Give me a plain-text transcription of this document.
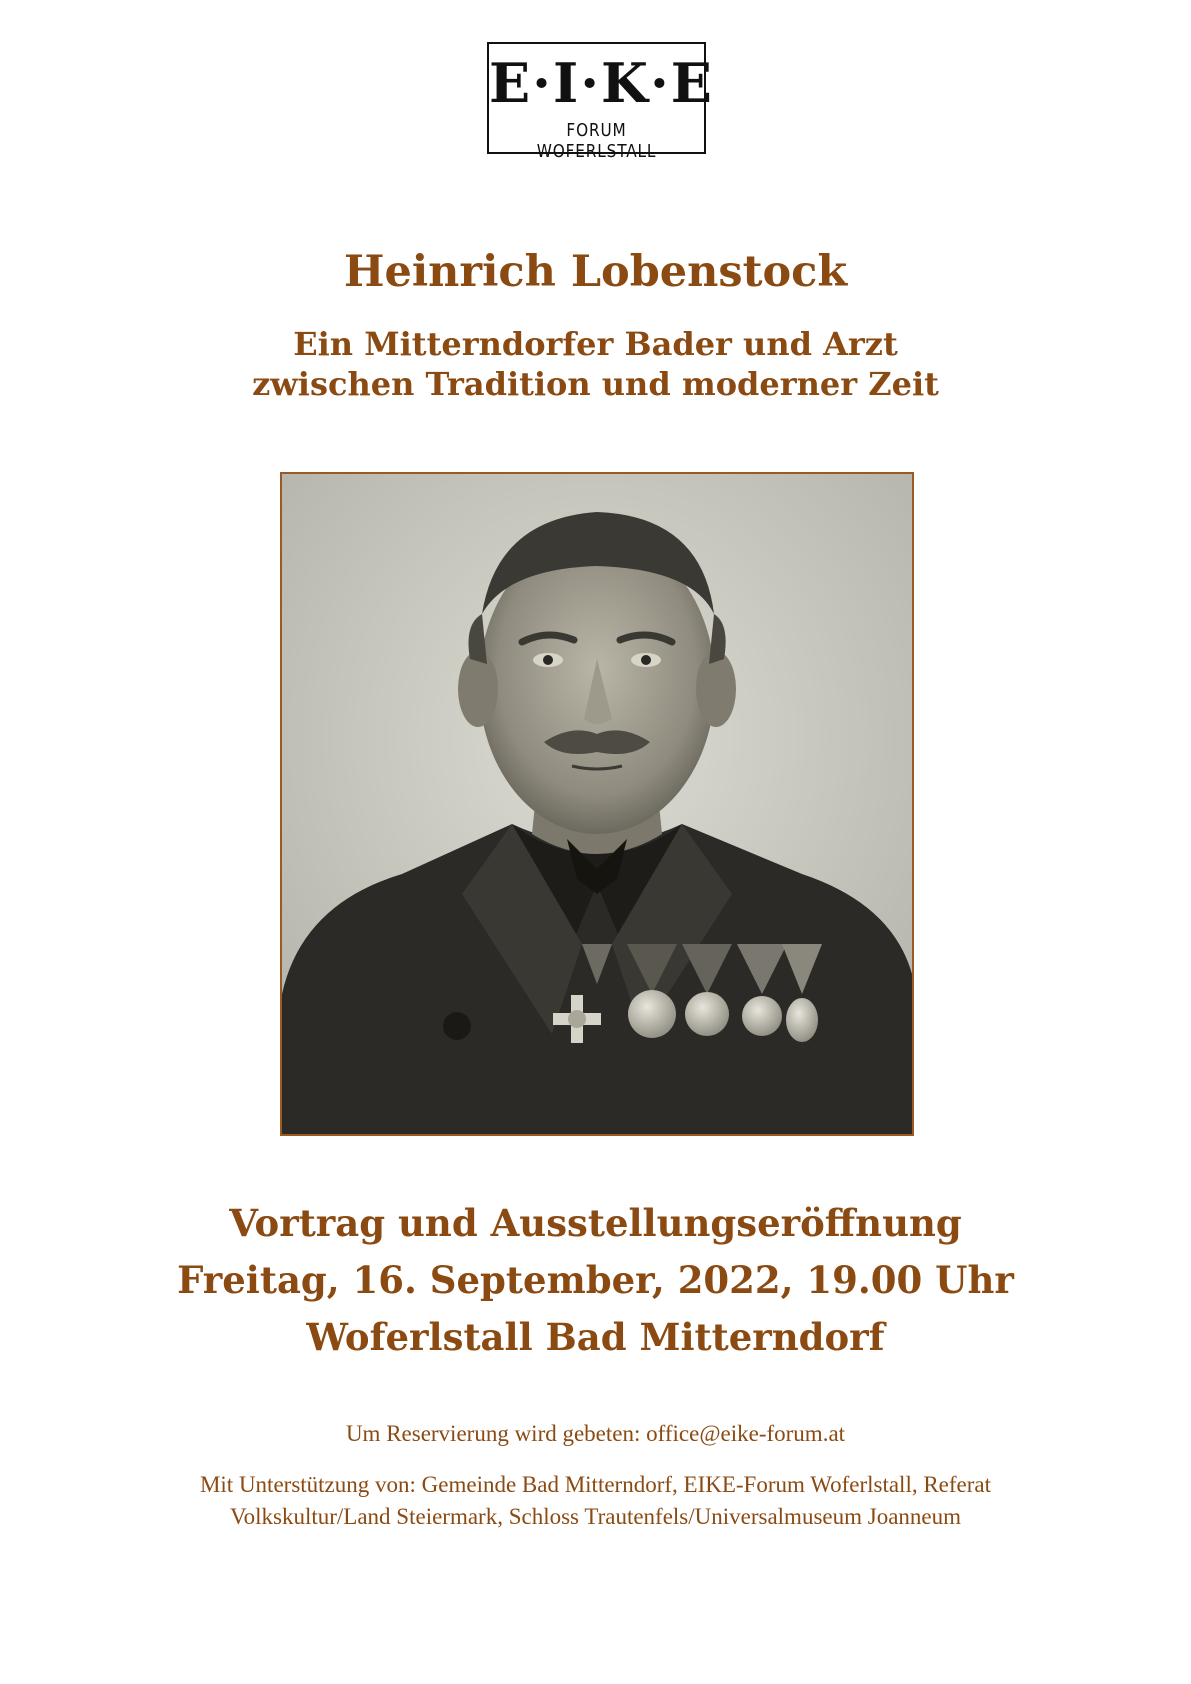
E·I·K·E
FORUM WOFERLSTALL
Heinrich Lobenstock
Ein Mitterndorfer Bader und Arzt
zwischen Tradition und moderner Zeit
Vortrag und Ausstellungseröffnung
Freitag, 16. September, 2022, 19.00 Uhr
Woferlstall Bad Mitterndorf

Um Reservierung wird gebeten: office@eike-forum.at

Mit Unterstützung von: Gemeinde Bad Mitterndorf, EIKE-Forum Woferlstall, Referat

Volkskultur/Land Steiermark, Schloss Trautenfels/Universalmuseum Joanneum
